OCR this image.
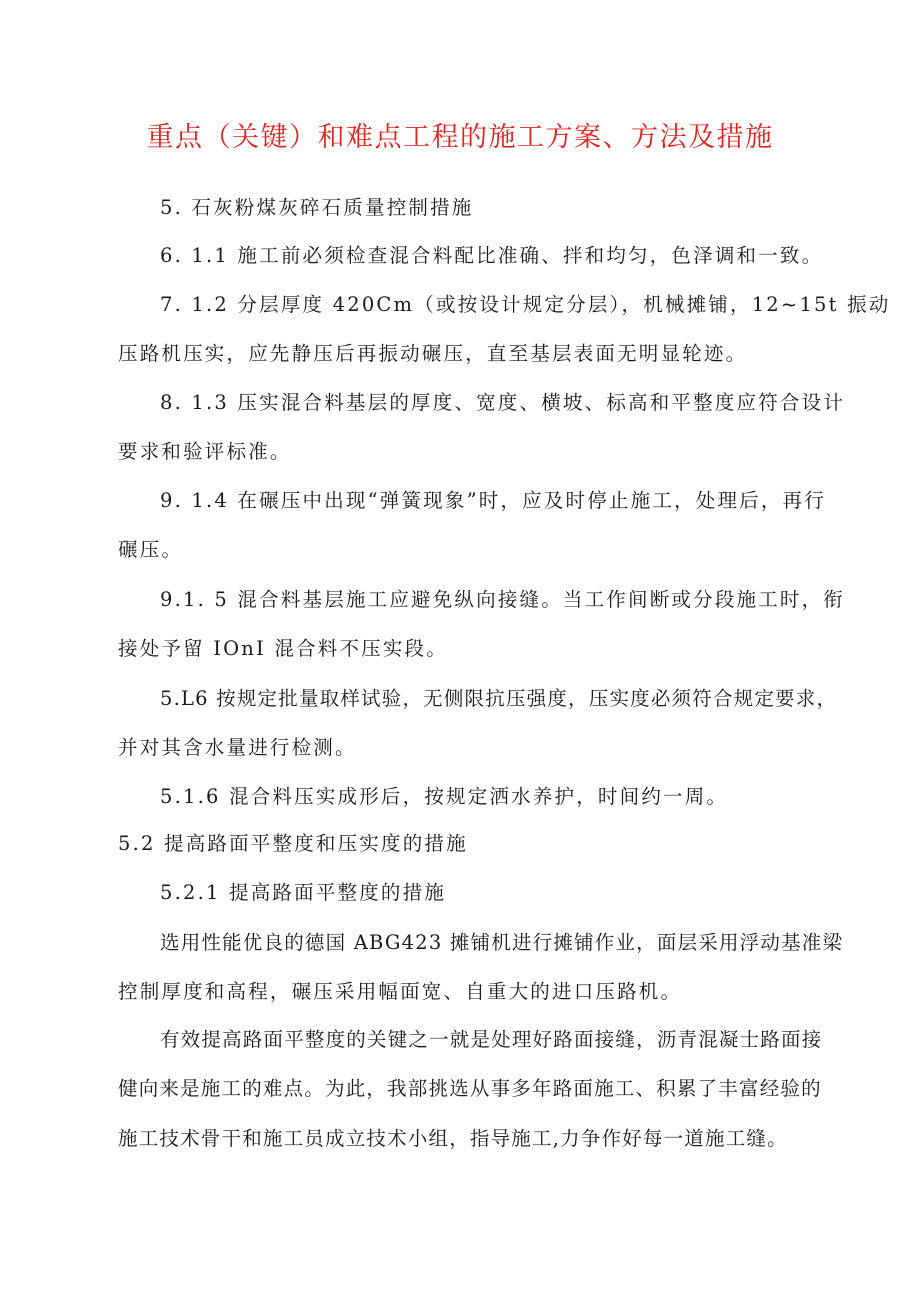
重点（关键）和难点工程的施工方案、方法及措施
5. 石灰粉煤灰碎石质量控制措施
6. 1.1 施工前必须检查混合料配比准确、拌和均匀，色泽调和一致。
7. 1.2 分层厚度 420Cm（或按设计规定分层），机械摊铺，12~15t 振动
压路机压实，应先静压后再振动碾压，直至基层表面无明显轮迹。
8. 1.3 压实混合料基层的厚度、宽度、横坡、标高和平整度应符合设计
要求和验评标准。
9. 1.4 在碾压中出现“弹簧现象”时，应及时停止施工，处理后，再行
碾压。
9.1. 5 混合料基层施工应避免纵向接缝。当工作间断或分段施工时，衔
接处予留 IOnI 混合料不压实段。
5.L6 按规定批量取样试验，无侧限抗压强度，压实度必须符合规定要求，
并对其含水量进行检测。
5.1.6 混合料压实成形后，按规定洒水养护，时间约一周。
5.2 提高路面平整度和压实度的措施
5.2.1 提高路面平整度的措施
选用性能优良的德国 ABG423 摊铺机进行摊铺作业，面层采用浮动基准梁
控制厚度和高程，碾压采用幅面宽、自重大的进口压路机。
有效提高路面平整度的关键之一就是处理好路面接缝，沥青混凝士路面接
健向来是施工的难点。为此，我部挑选从事多年路面施工、积累了丰富经验的
施工技术骨干和施工员成立技术小组，指导施工,力争作好每一道施工缝。
